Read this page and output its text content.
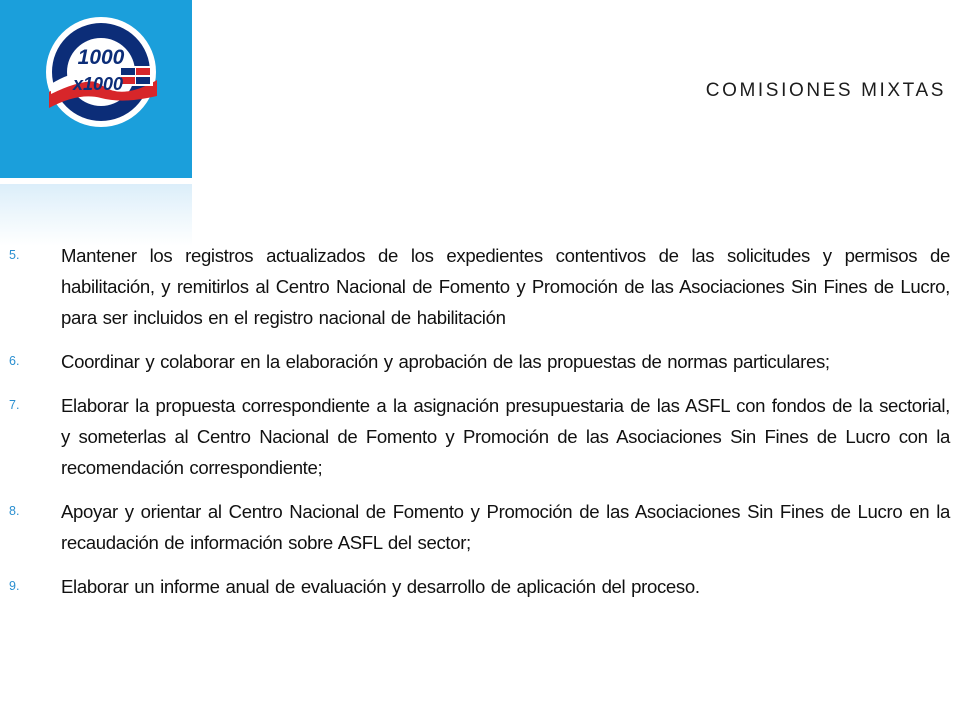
1000
x1000	COMISIONES MIXTAS
5.	Mantener los registros actualizados de los expedientes contentivos de las solicitudes y permisos de habilitación, y remitirlos al Centro Nacional de Fomento y Promoción de las Asociaciones Sin Fines de Lucro, para ser incluidos en el registro nacional de habilitación

6.	Coordinar y colaborar en la elaboración y aprobación de las propuestas de normas particulares;

7.	Elaborar la propuesta correspondiente a la asignación presupuestaria de las ASFL con fondos de la sectorial, y someterlas al Centro Nacional de Fomento y Promoción de las Asociaciones Sin Fines de Lucro con la recomendación correspondiente;

8.	Apoyar y orientar al Centro Nacional de Fomento y Promoción de las Asociaciones Sin Fines de Lucro en la recaudación de información sobre ASFL del sector;

9.	Elaborar un informe anual de evaluación y desarrollo de aplicación del proceso.
